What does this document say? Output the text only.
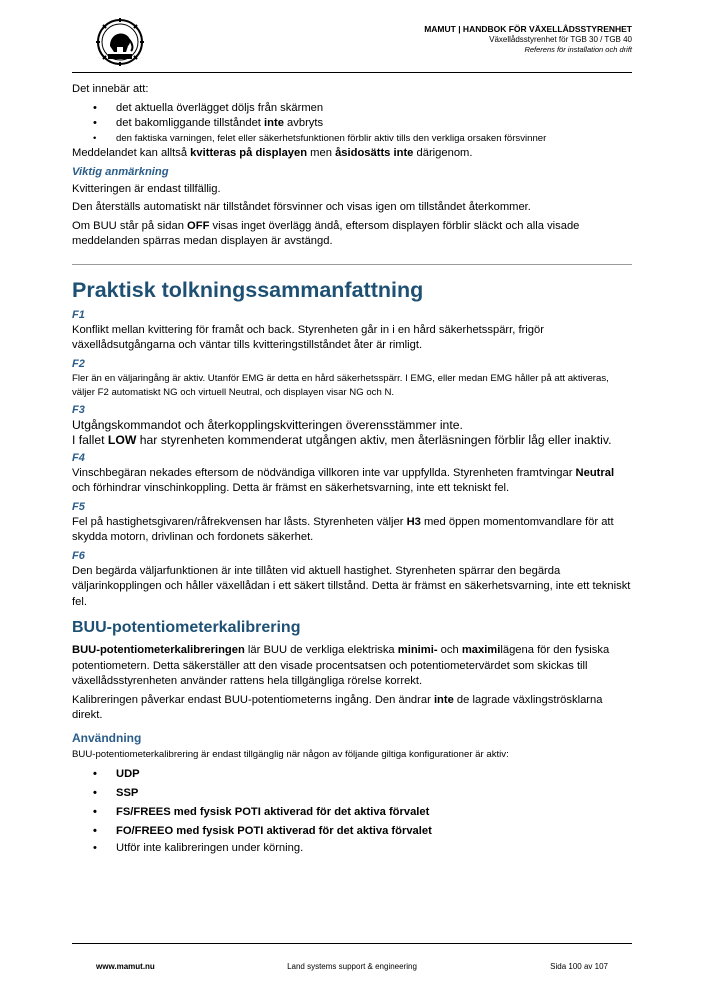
MAMUT | HANDBOK FÖR VÄXELLÅDSSTYRENHET
Växellådsstyrenhet för TGB 30 / TGB 40
Referens för installation och drift

Det innebär att:

• det aktuella överlägget döljs från skärmen
• det bakomliggande tillståndet inte avbryts
• den faktiska varningen, felet eller säkerhetsfunktionen förblir aktiv tills den verkliga orsaken försvinner

Meddelandet kan alltså kvitteras på displayen men åsidosätts inte därigenom.

Viktig anmärkning

Kvitteringen är endast tillfällig.

Den återställs automatiskt när tillståndet försvinner och visas igen om tillståndet återkommer.

Om BUU står på sidan OFF visas inget överlägg ändå, eftersom displayen förblir släckt och alla visade meddelanden spärras medan displayen är avstängd.

Praktisk tolkningssammanfattning

F1

Konflikt mellan kvittering för framåt och back. Styrenheten går in i en hård säkerhetsspärr, frigör växellådsutgångarna och väntar tills kvitteringstillståndet åter är rimligt.

F2

Fler än en väljaringång är aktiv. Utanför EMG är detta en hård säkerhetsspärr. I EMG, eller medan EMG håller på att aktiveras, väljer F2 automatiskt NG och virtuell Neutral, och displayen visar NG och N.

F3

Utgångskommandot och återkopplingskvitteringen överensstämmer inte.
I fallet LOW har styrenheten kommenderat utgången aktiv, men återläsningen förblir låg eller inaktiv.

F4

Vinschbegäran nekades eftersom de nödvändiga villkoren inte var uppfyllda. Styrenheten framtvingar Neutral och förhindrar vinschinkoppling. Detta är främst en säkerhetsvarning, inte ett tekniskt fel.

F5

Fel på hastighetsgivaren/råfrekvensen har låsts. Styrenheten väljer H3 med öppen momentomvandlare för att skydda motorn, drivlinan och fordonets säkerhet.

F6

Den begärda väljarfunktionen är inte tillåten vid aktuell hastighet. Styrenheten spärrar den begärda väljarinkopplingen och håller växellådan i ett säkert tillstånd. Detta är främst en säkerhetsvarning, inte ett tekniskt fel.

BUU-potentiometerkalibrering

BUU-potentiometerkalibreringen lär BUU de verkliga elektriska minimi- och maximilägena för den fysiska potentiometern. Detta säkerställer att den visade procentsatsen och potentiometervärdet som skickas till växellådsstyrenheten använder rattens hela tillgängliga rörelse korrekt.

Kalibreringen påverkar endast BUU-potentiometerns ingång. Den ändrar inte de lagrade växlingströsklarna direkt.

Användning

BUU-potentiometerkalibrering är endast tillgänglig när någon av följande giltiga konfigurationer är aktiv:

• UDP
• SSP
• FS/FREES med fysisk POTI aktiverad för det aktiva förvalet
• FO/FREEO med fysisk POTI aktiverad för det aktiva förvalet
• Utför inte kalibreringen under körning.
www.mamut.nu	Land systems support & engineering	Sida 100 av 107
